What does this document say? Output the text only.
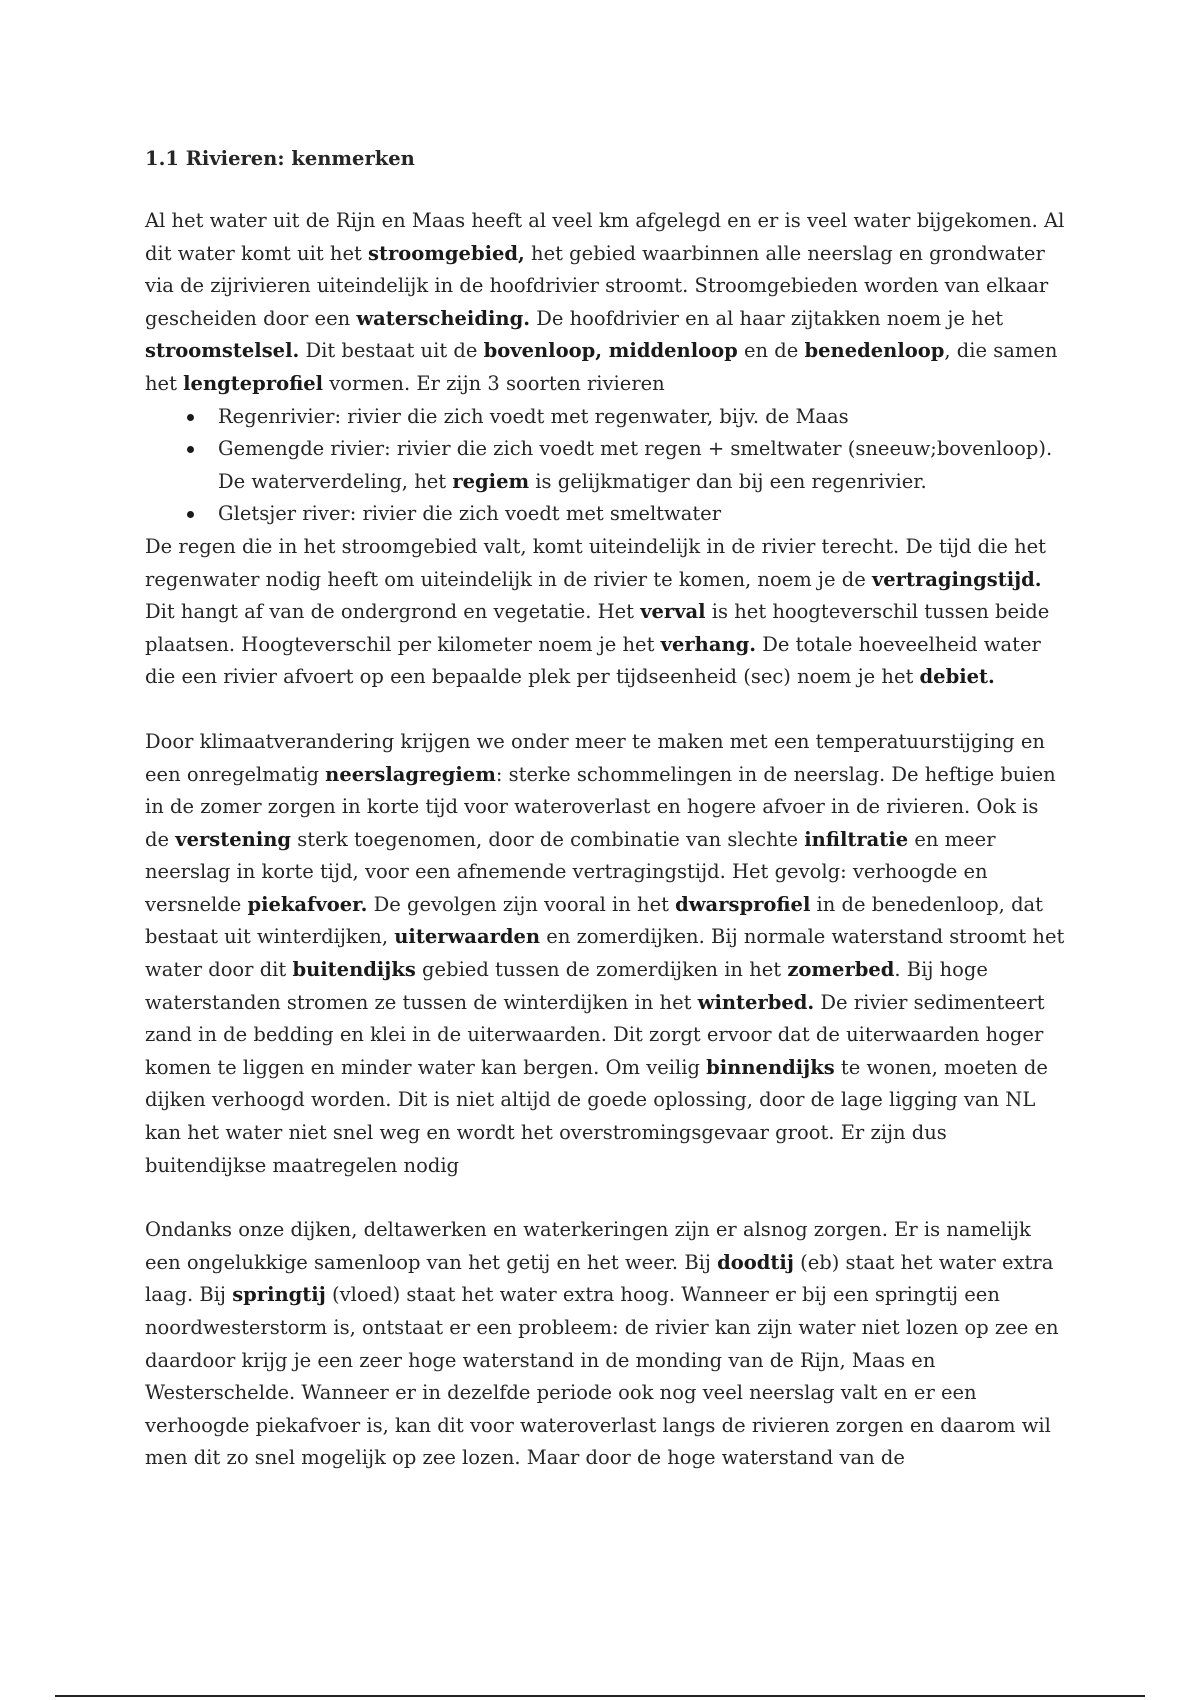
1.1 Rivieren: kenmerken

Al het water uit de Rijn en Maas heeft al veel km afgelegd en er is veel water bijgekomen. Al dit water komt uit het stroomgebied, het gebied waarbinnen alle neerslag en grondwater via de zijrivieren uiteindelijk in de hoofdrivier stroomt. Stroomgebieden worden van elkaar gescheiden door een waterscheiding. De hoofdrivier en al haar zijtakken noem je het stroomstelsel. Dit bestaat uit de bovenloop, middenloop en de benedenloop, die samen het lengteprofiel vormen. Er zijn 3 soorten rivieren

Regenrivier: rivier die zich voedt met regenwater, bijv. de Maas
Gemengde rivier: rivier die zich voedt met regen + smeltwater (sneeuw;bovenloop). De waterverdeling, het regiem is gelijkmatiger dan bij een regenrivier.
Gletsjer river: rivier die zich voedt met smeltwater

De regen die in het stroomgebied valt, komt uiteindelijk in de rivier terecht. De tijd die het regenwater nodig heeft om uiteindelijk in de rivier te komen, noem je de vertragingstijd. Dit hangt af van de ondergrond en vegetatie. Het verval is het hoogteverschil tussen beide plaatsen. Hoogteverschil per kilometer noem je het verhang. De totale hoeveelheid water die een rivier afvoert op een bepaalde plek per tijdseenheid (sec) noem je het debiet.

Door klimaatverandering krijgen we onder meer te maken met een temperatuurstijging en een onregelmatig neerslagregiem: sterke schommelingen in de neerslag. De heftige buien in de zomer zorgen in korte tijd voor wateroverlast en hogere afvoer in de rivieren. Ook is de verstening sterk toegenomen, door de combinatie van slechte infiltratie en meer neerslag in korte tijd, voor een afnemende vertragingstijd. Het gevolg: verhoogde en versnelde piekafvoer. De gevolgen zijn vooral in het dwarsprofiel in de benedenloop, dat bestaat uit winterdijken, uiterwaarden en zomerdijken. Bij normale waterstand stroomt het water door dit buitendijks gebied tussen de zomerdijken in het zomerbed. Bij hoge waterstanden stromen ze tussen de winterdijken in het winterbed. De rivier sedimenteert zand in de bedding en klei in de uiterwaarden. Dit zorgt ervoor dat de uiterwaarden hoger komen te liggen en minder water kan bergen. Om veilig binnendijks te wonen, moeten de dijken verhoogd worden. Dit is niet altijd de goede oplossing, door de lage ligging van NL kan het water niet snel weg en wordt het overstromingsgevaar groot. Er zijn dus buitendijkse maatregelen nodig

Ondanks onze dijken, deltawerken en waterkeringen zijn er alsnog zorgen. Er is namelijk een ongelukkige samenloop van het getij en het weer. Bij doodtij (eb) staat het water extra laag. Bij springtij (vloed) staat het water extra hoog. Wanneer er bij een springtij een noordwesterstorm is, ontstaat er een probleem: de rivier kan zijn water niet lozen op zee en daardoor krijg je een zeer hoge waterstand in de monding van de Rijn, Maas en Westerschelde. Wanneer er in dezelfde periode ook nog veel neerslag valt en er een verhoogde piekafvoer is, kan dit voor wateroverlast langs de rivieren zorgen en daarom wil men dit zo snel mogelijk op zee lozen. Maar door de hoge waterstand van de
